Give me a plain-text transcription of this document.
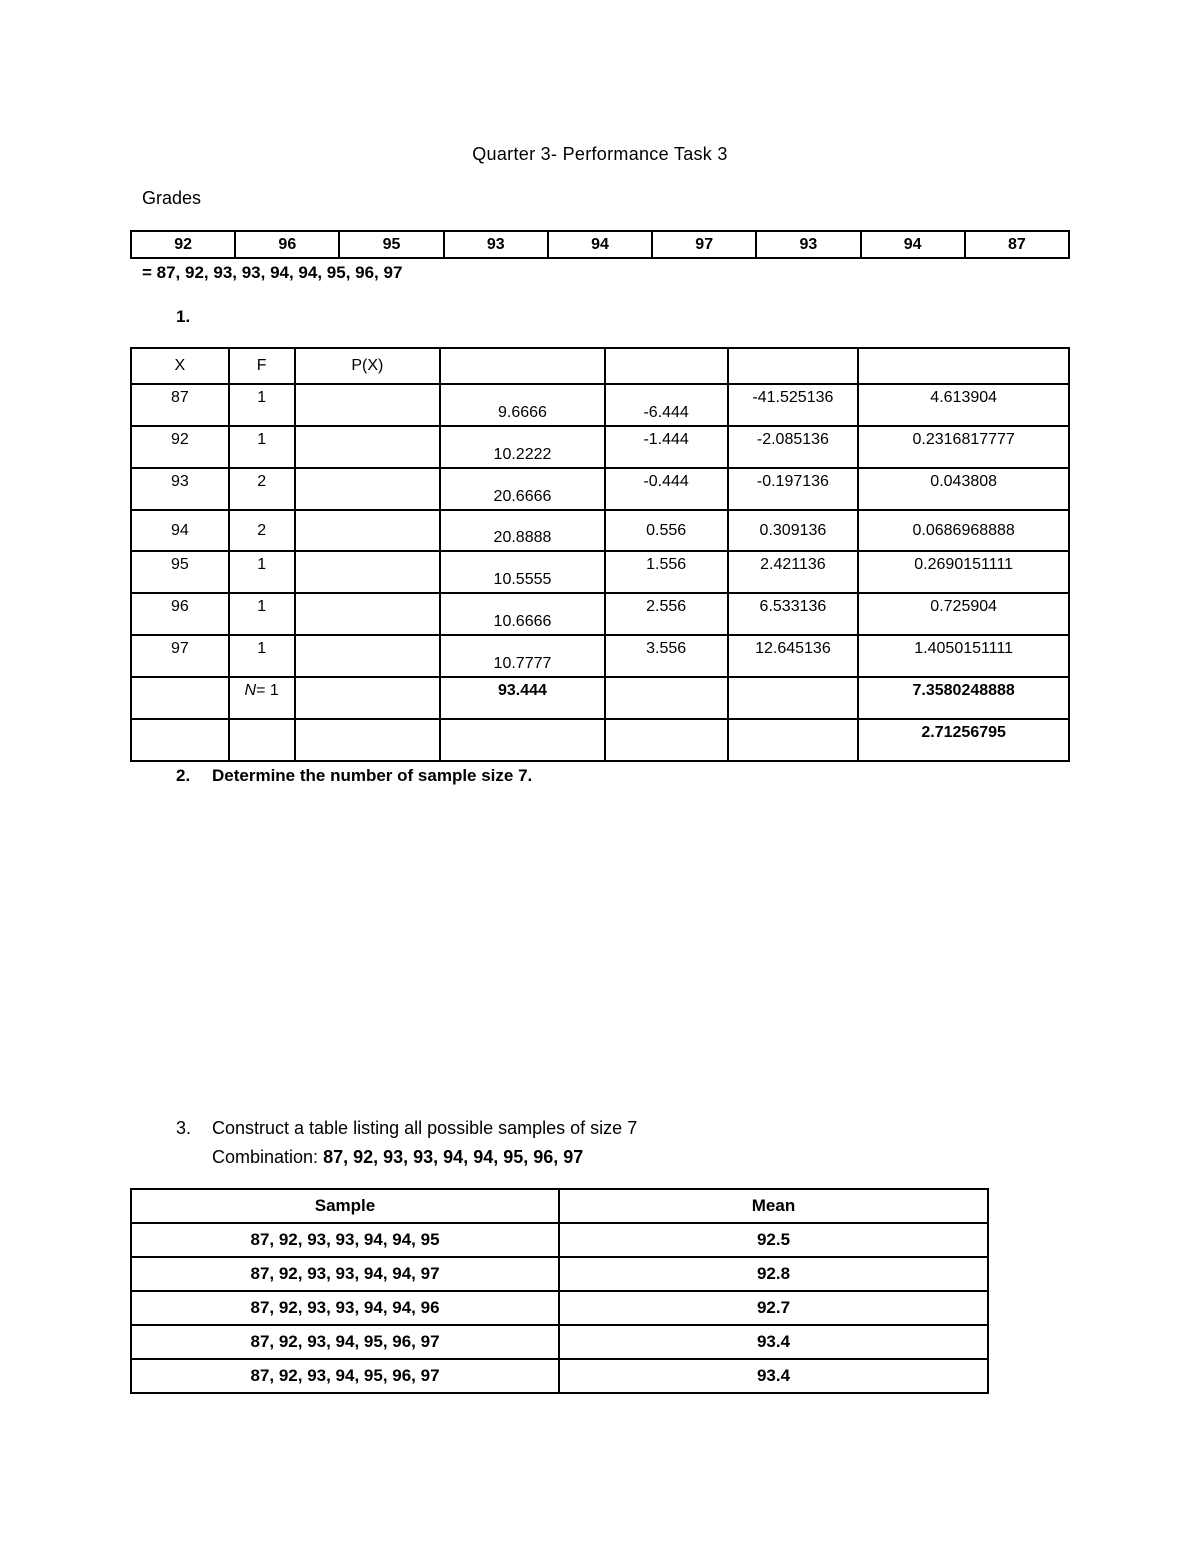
Quarter 3- Performance Task 3
Grades
92	96	95	93	94	97	93	94	87
= 87, 92, 93, 93, 94, 94, 95, 96, 97
1.
X	F	P(X)				
87	1		9.6666	-6.444	-41.525136	4.613904
92	1		10.2222	-1.444	-2.085136	0.2316817777
93	2		20.6666	-0.444	-0.197136	0.043808
94	2		20.8888	0.556	0.309136	0.0686968888
95	1		10.5555	1.556	2.421136	0.2690151111
96	1		10.6666	2.556	6.533136	0.725904
97	1		10.7777	3.556	12.645136	1.4050151111
	N= 1		93.444			7.3580248888
						2.71256795
2. Determine the number of sample size 7.
3. Construct a table listing all possible samples of size 7
Combination: 87, 92, 93, 93, 94, 94, 95, 96, 97
Sample	Mean
87, 92, 93, 93, 94, 94, 95	92.5
87, 92, 93, 93, 94, 94, 97	92.8
87, 92, 93, 93, 94, 94, 96	92.7
87, 92, 93, 94, 95, 96, 97	93.4
87, 92, 93, 94, 95, 96, 97	93.4
